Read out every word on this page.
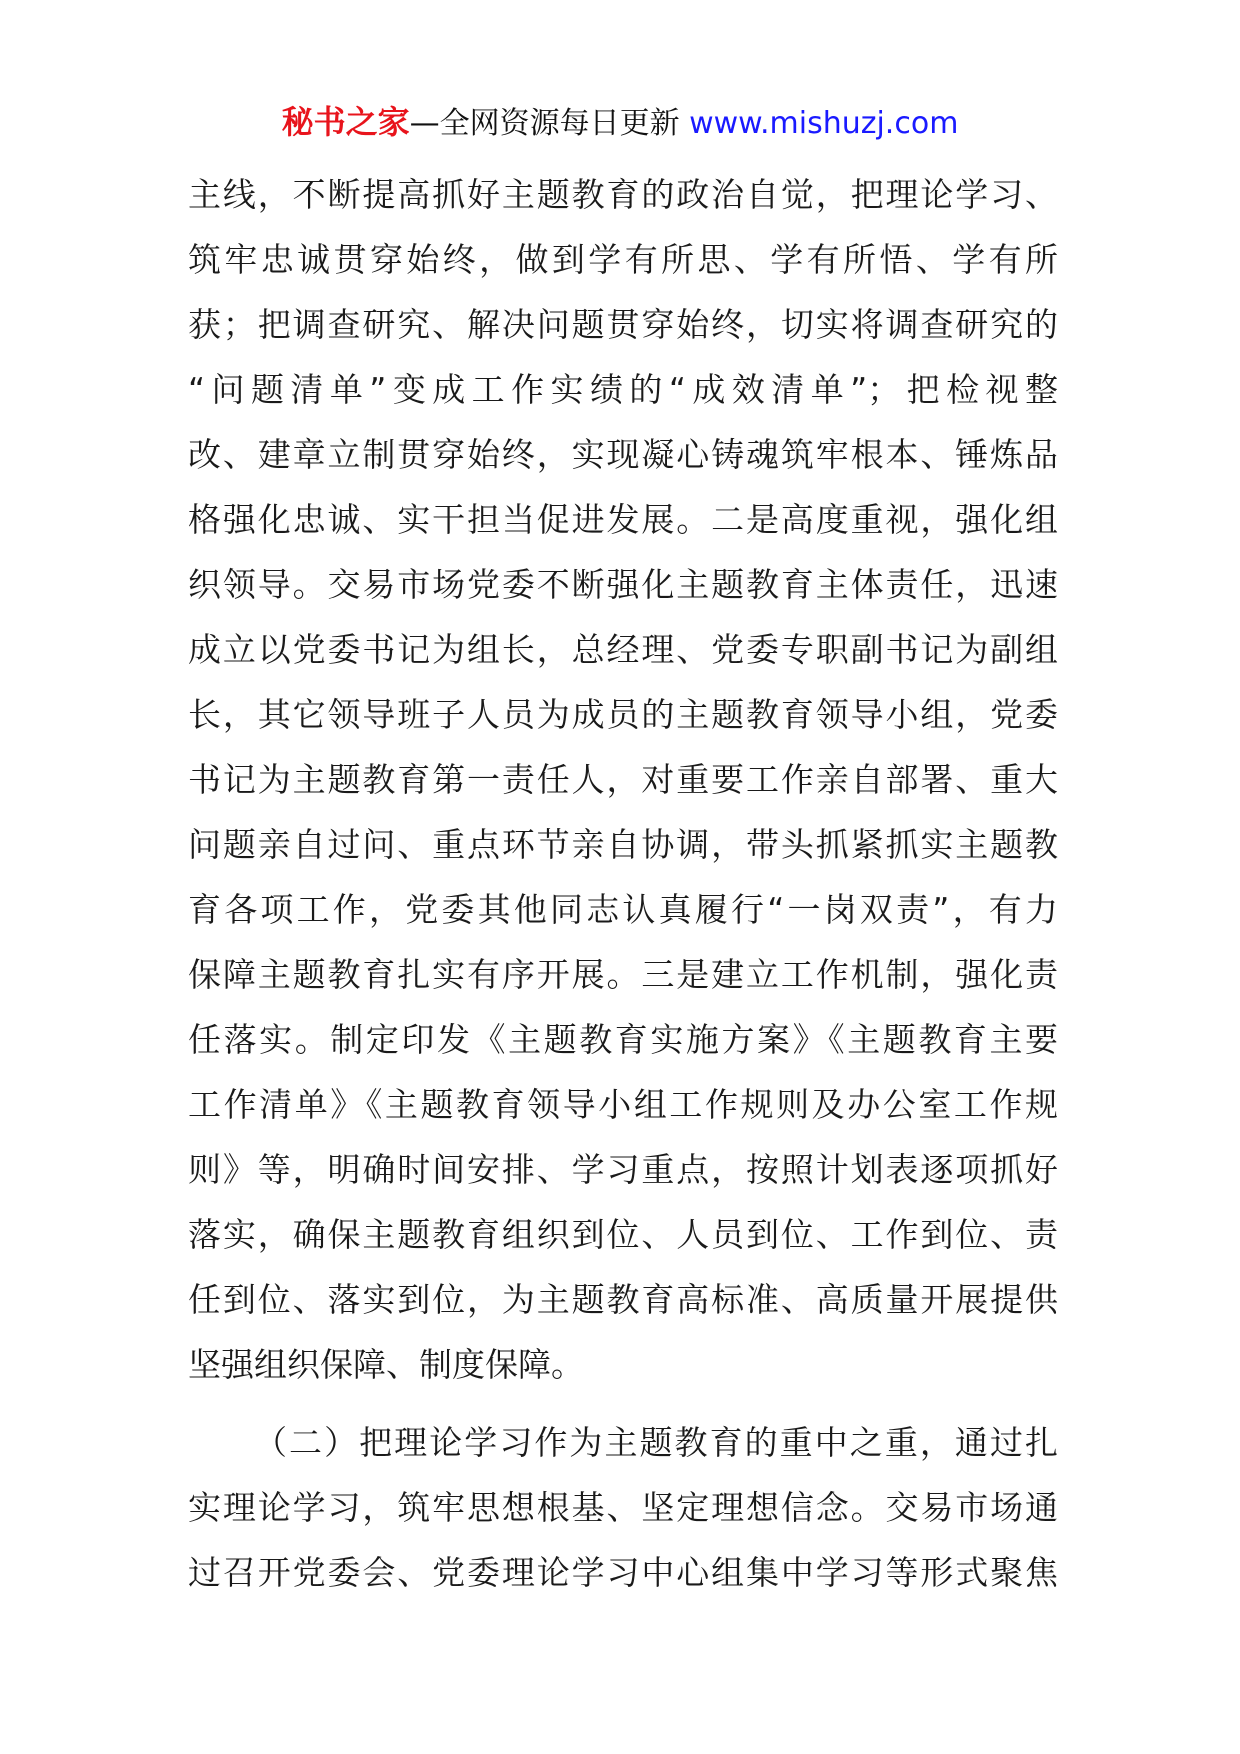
秘书之家—全网资源每日更新 www.mishuzj.com
主线，不断提高抓好主题教育的政治自觉，把理论学习、
筑牢忠诚贯穿始终，做到学有所思、学有所悟、学有所
获；把调查研究、解决问题贯穿始终，切实将调查研究的
“问题清单”变成工作实绩的“成效清单”；把检视整
改、建章立制贯穿始终，实现凝心铸魂筑牢根本、锤炼品
格强化忠诚、实干担当促进发展。二是高度重视，强化组
织领导。交易市场党委不断强化主题教育主体责任，迅速
成立以党委书记为组长，总经理、党委专职副书记为副组
长，其它领导班子人员为成员的主题教育领导小组，党委
书记为主题教育第一责任人，对重要工作亲自部署、重大
问题亲自过问、重点环节亲自协调，带头抓紧抓实主题教
育各项工作，党委其他同志认真履行“一岗双责”，有力
保障主题教育扎实有序开展。三是建立工作机制，强化责
任落实。制定印发《主题教育实施方案》《主题教育主要
工作清单》《主题教育领导小组工作规则及办公室工作规
则》等，明确时间安排、学习重点，按照计划表逐项抓好
落实，确保主题教育组织到位、人员到位、工作到位、责
任到位、落实到位，为主题教育高标准、高质量开展提供
坚强组织保障、制度保障。
（二）把理论学习作为主题教育的重中之重，通过扎
实理论学习，筑牢思想根基、坚定理想信念。交易市场通
过召开党委会、党委理论学习中心组集中学习等形式聚焦
